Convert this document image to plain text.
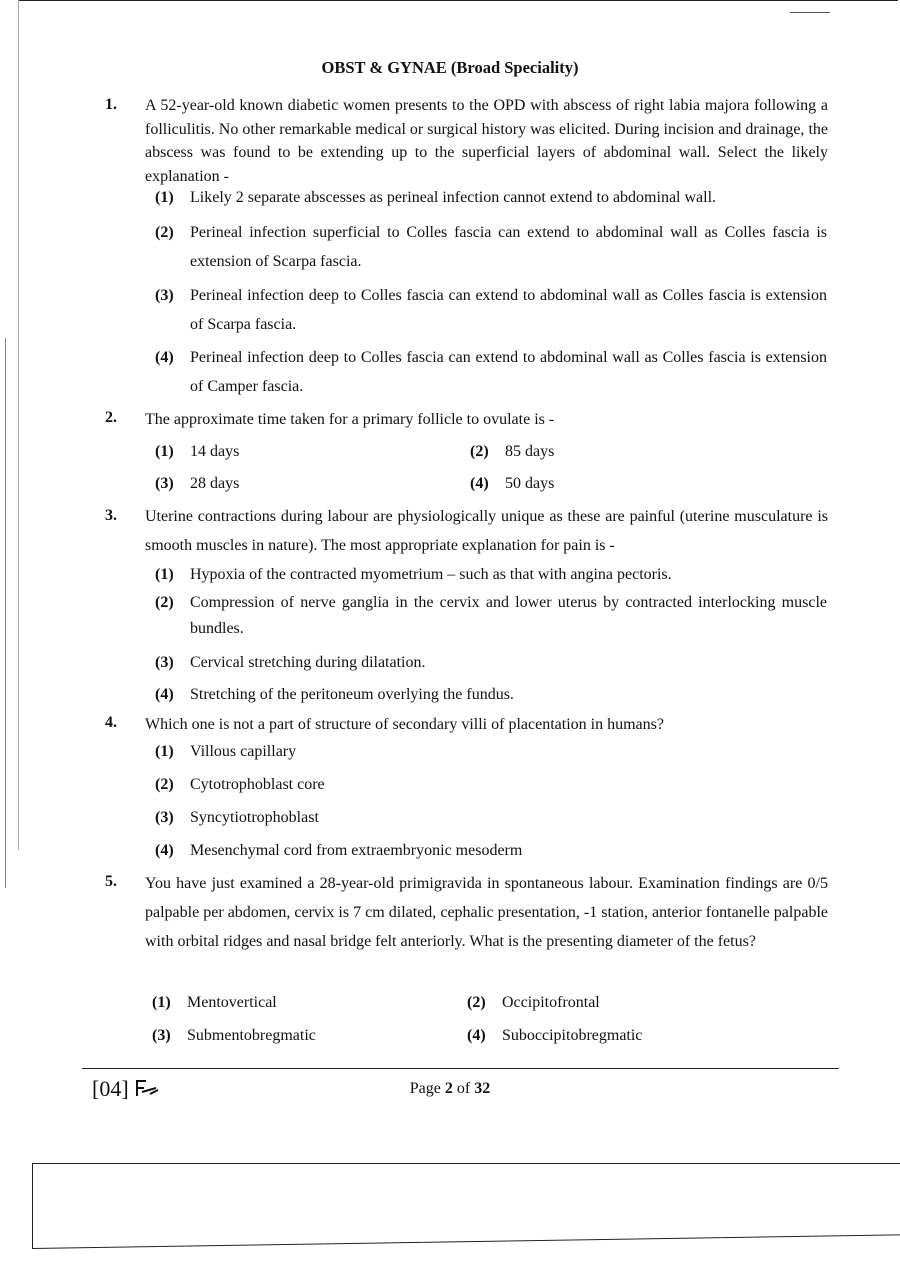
OBST & GYNAE (Broad Speciality)
1. A 52-year-old known diabetic women presents to the OPD with abscess of right labia majora following a folliculitis. No other remarkable medical or surgical history was elicited. During incision and drainage, the abscess was found to be extending up to the superficial layers of abdominal wall. Select the likely explanation -
(1) Likely 2 separate abscesses as perineal infection cannot extend to abdominal wall.
(2) Perineal infection superficial to Colles fascia can extend to abdominal wall as Colles fascia is extension of Scarpa fascia.
(3) Perineal infection deep to Colles fascia can extend to abdominal wall as Colles fascia is extension of Scarpa fascia.
(4) Perineal infection deep to Colles fascia can extend to abdominal wall as Colles fascia is extension of Camper fascia.
2. The approximate time taken for a primary follicle to ovulate is -
(1) 14 days	(2) 85 days
(3) 28 days	(4) 50 days
3. Uterine contractions during labour are physiologically unique as these are painful (uterine musculature is smooth muscles in nature). The most appropriate explanation for pain is -
(1) Hypoxia of the contracted myometrium – such as that with angina pectoris.
(2) Compression of nerve ganglia in the cervix and lower uterus by contracted interlocking muscle bundles.
(3) Cervical stretching during dilatation.
(4) Stretching of the peritoneum overlying the fundus.
4. Which one is not a part of structure of secondary villi of placentation in humans?
(1) Villous capillary
(2) Cytotrophoblast core
(3) Syncytiotrophoblast
(4) Mesenchymal cord from extraembryonic mesoderm
5. You have just examined a 28-year-old primigravida in spontaneous labour. Examination findings are 0/5 palpable per abdomen, cervix is 7 cm dilated, cephalic presentation, -1 station, anterior fontanelle palpable with orbital ridges and nasal bridge felt anteriorly. What is the presenting diameter of the fetus?
(1) Mentovertical	(2) Occipitofrontal
(3) Submentobregmatic	(4) Suboccipitobregmatic
[04]	Page 2 of 32
